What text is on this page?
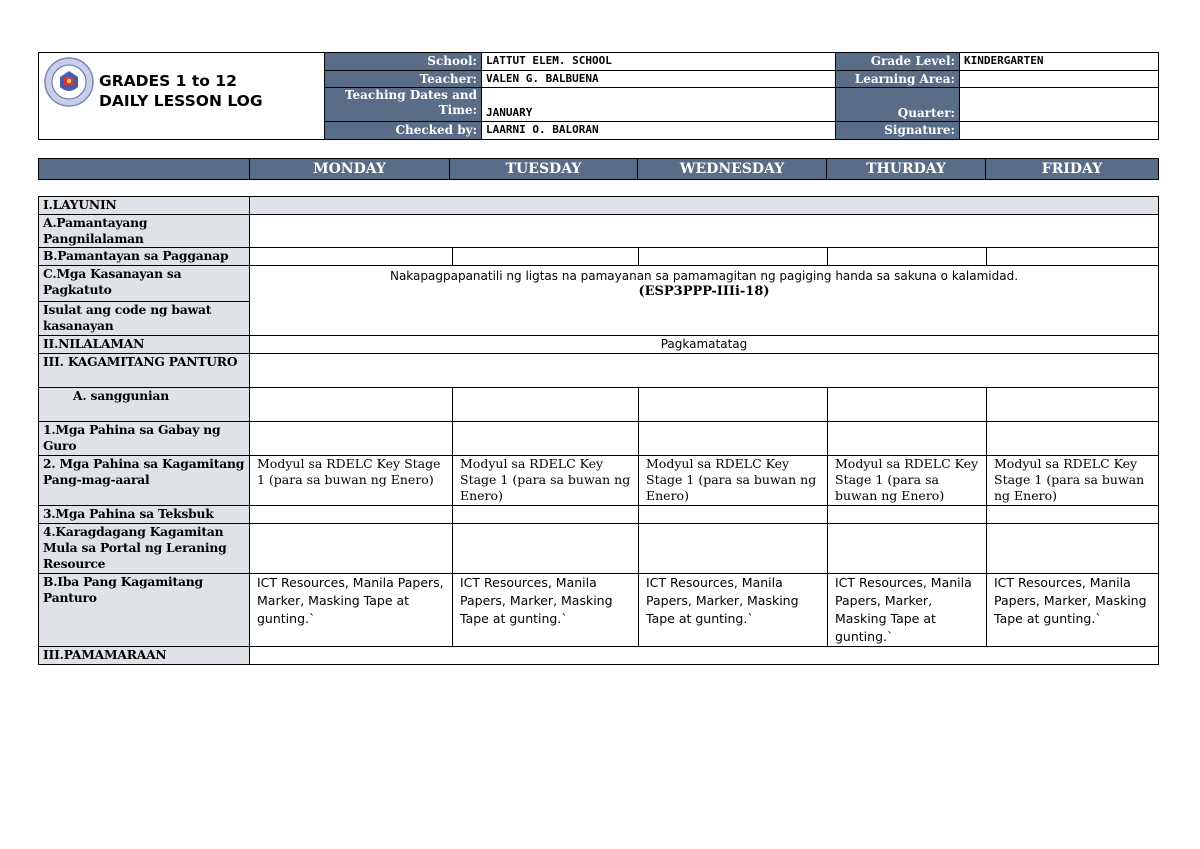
GRADES 1 to 12
DAILY LESSON LOG	School:	LATTUT ELEM. SCHOOL	Grade Level:	KINDERGARTEN
	Teacher:	VALEN G. BALBUENA	Learning Area:	

	Teaching Dates and
Time:	JANUARY	Quarter:	
	Checked by:	LAARNI O. BALORAN	Signature:	
	MONDAY	TUESDAY	WEDNESDAY	THURDAY	FRIDAY
I.LAYUNIN					
A.Pamantayang Pangnilalaman					
B.Pamantayan sa Pagganap					
C.Mga Kasanayan sa Pagkatuto	Nakapagpapanatili ng ligtas na pamayanan sa pamamagitan ng pagiging handa sa sakuna o kalamidad.
(ESP3PPP-IIIi-18)				

Isulat ang code ng bawat kasanayan					
II.NILALAMAN	Pagkamatatag				
III. KAGAMITANG PANTURO					
A. sanggunian					
1.Mga Pahina sa Gabay ng Guro					
2. Mga Pahina sa Kagamitang Pang-mag-aaral	Modyul sa RDELC Key Stage 1 (para sa buwan ng Enero)	Modyul sa RDELC Key Stage 1 (para sa buwan ng Enero)	Modyul sa RDELC Key Stage 1 (para sa buwan ng Enero)	Modyul sa RDELC Key Stage 1 (para sa buwan ng Enero)	Modyul sa RDELC Key Stage 1 (para sa buwan ng Enero)
3.Mga Pahina sa Teksbuk					
4.Karagdagang Kagamitan Mula sa Portal ng Leraning Resource					
B.Iba Pang Kagamitang Panturo	ICT Resources, Manila Papers, Marker, Masking Tape at gunting.`	ICT Resources, Manila Papers, Marker, Masking Tape at gunting.`	ICT Resources, Manila Papers, Marker, Masking Tape at gunting.`	ICT Resources, Manila Papers, Marker, Masking Tape at gunting.`	ICT Resources, Manila Papers, Marker, Masking Tape at gunting.`
III.PAMAMARAAN					
